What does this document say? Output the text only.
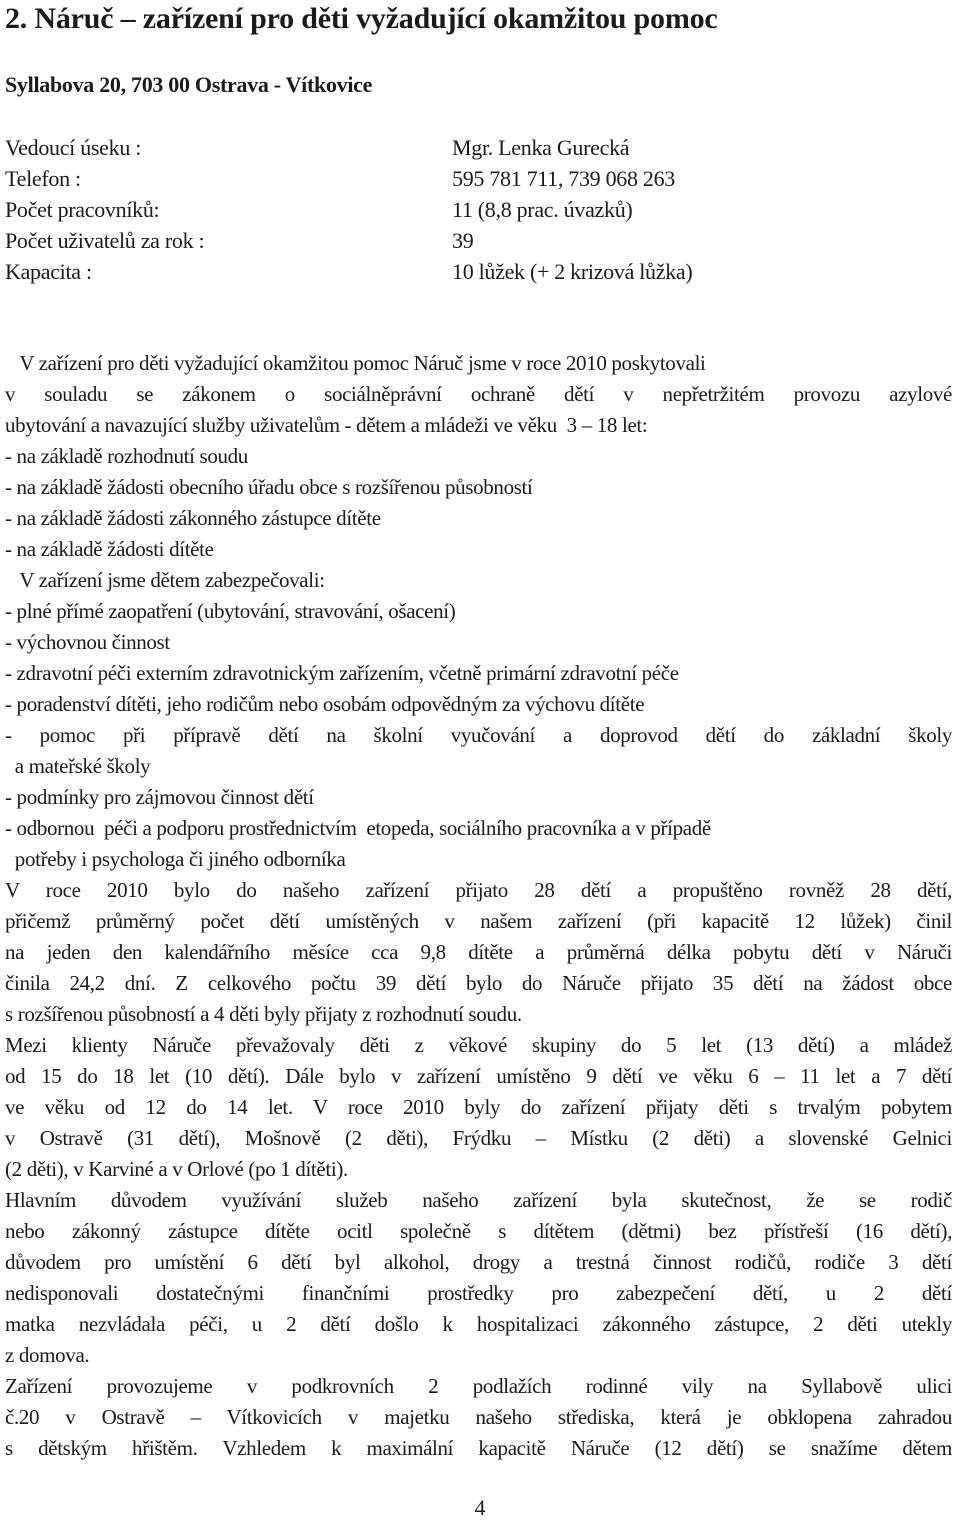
2. Náruč – zařízení pro děti vyžadující okamžitou pomoc
Syllabova 20, 703 00 Ostrava - Vítkovice
Vedoucí úseku :	Mgr. Lenka Gurecká
Telefon :	595 781 711, 739 068 263
Počet pracovníků:	11 (8,8 prac. úvazků)
Počet uživatelů za rok :	39
Kapacita :	10 lůžek (+ 2 krizová lůžka)
V zařízení pro děti vyžadující okamžitou pomoc Náruč jsme v roce 2010 poskytovali
v souladu se zákonem o sociálněprávní ochraně dětí v nepřetržitém provozu azylové
ubytování a navazující služby uživatelům - dětem a mládeži ve věku  3 – 18 let:
- na základě rozhodnutí soudu
- na základě žádosti obecního úřadu obce s rozšířenou působností
- na základě žádosti zákonného zástupce dítěte
- na základě žádosti dítěte
V zařízení jsme dětem zabezpečovali:
- plné přímé zaopatření (ubytování, stravování, ošacení)
- výchovnou činnost
- zdravotní péči externím zdravotnickým zařízením, včetně primární zdravotní péče
- poradenství dítěti, jeho rodičům nebo osobám odpovědným za výchovu dítěte
- pomoc při přípravě dětí na školní vyučování a doprovod dětí do základní školy
a mateřské školy
- podmínky pro zájmovou činnost dětí
- odbornou  péči a podporu prostřednictvím  etopeda, sociálního pracovníka a v případě
potřeby i psychologa či jiného odborníka
V roce 2010 bylo do našeho zařízení přijato 28 dětí a propuštěno rovněž 28 dětí,
přičemž průměrný počet dětí umístěných v našem zařízení (při kapacitě 12 lůžek) činil
na jeden den kalendářního měsíce cca 9,8 dítěte a průměrná délka pobytu dětí v Náruči
činila 24,2 dní. Z celkového počtu 39 dětí bylo do Náruče přijato 35 dětí na žádost obce
s rozšířenou působností a 4 děti byly přijaty z rozhodnutí soudu.
Mezi klienty Náruče převažovaly děti z věkové skupiny do 5 let (13 dětí) a mládež
od 15 do 18 let (10 dětí). Dále bylo v zařízení umístěno 9 dětí ve věku 6 – 11 let a 7 dětí
ve věku od 12 do 14 let. V roce 2010 byly do zařízení přijaty děti s trvalým pobytem
v Ostravě (31 dětí), Mošnově (2 děti), Frýdku – Místku (2 děti) a slovenské Gelnici
(2 děti), v Karviné a v Orlové (po 1 dítěti).
Hlavním důvodem využívání služeb našeho zařízení byla skutečnost, že se rodič
nebo zákonný zástupce dítěte ocitl společně s dítětem (dětmi) bez přístřeší (16 dětí),
důvodem pro umístění 6 dětí byl alkohol, drogy a trestná činnost rodičů, rodiče 3 dětí
nedisponovali dostatečnými finančními prostředky pro zabezpečení dětí, u 2 dětí
matka nezvládala péči, u 2 dětí došlo k hospitalizaci zákonného zástupce, 2 děti utekly
z domova.
Zařízení provozujeme v podkrovních 2 podlažích rodinné vily na Syllabově ulici
č.20 v Ostravě – Vítkovicích v majetku našeho střediska, která je obklopena zahradou
s dětským hřištěm. Vzhledem k maximální kapacitě Náruče (12 dětí) se snažíme dětem
4
